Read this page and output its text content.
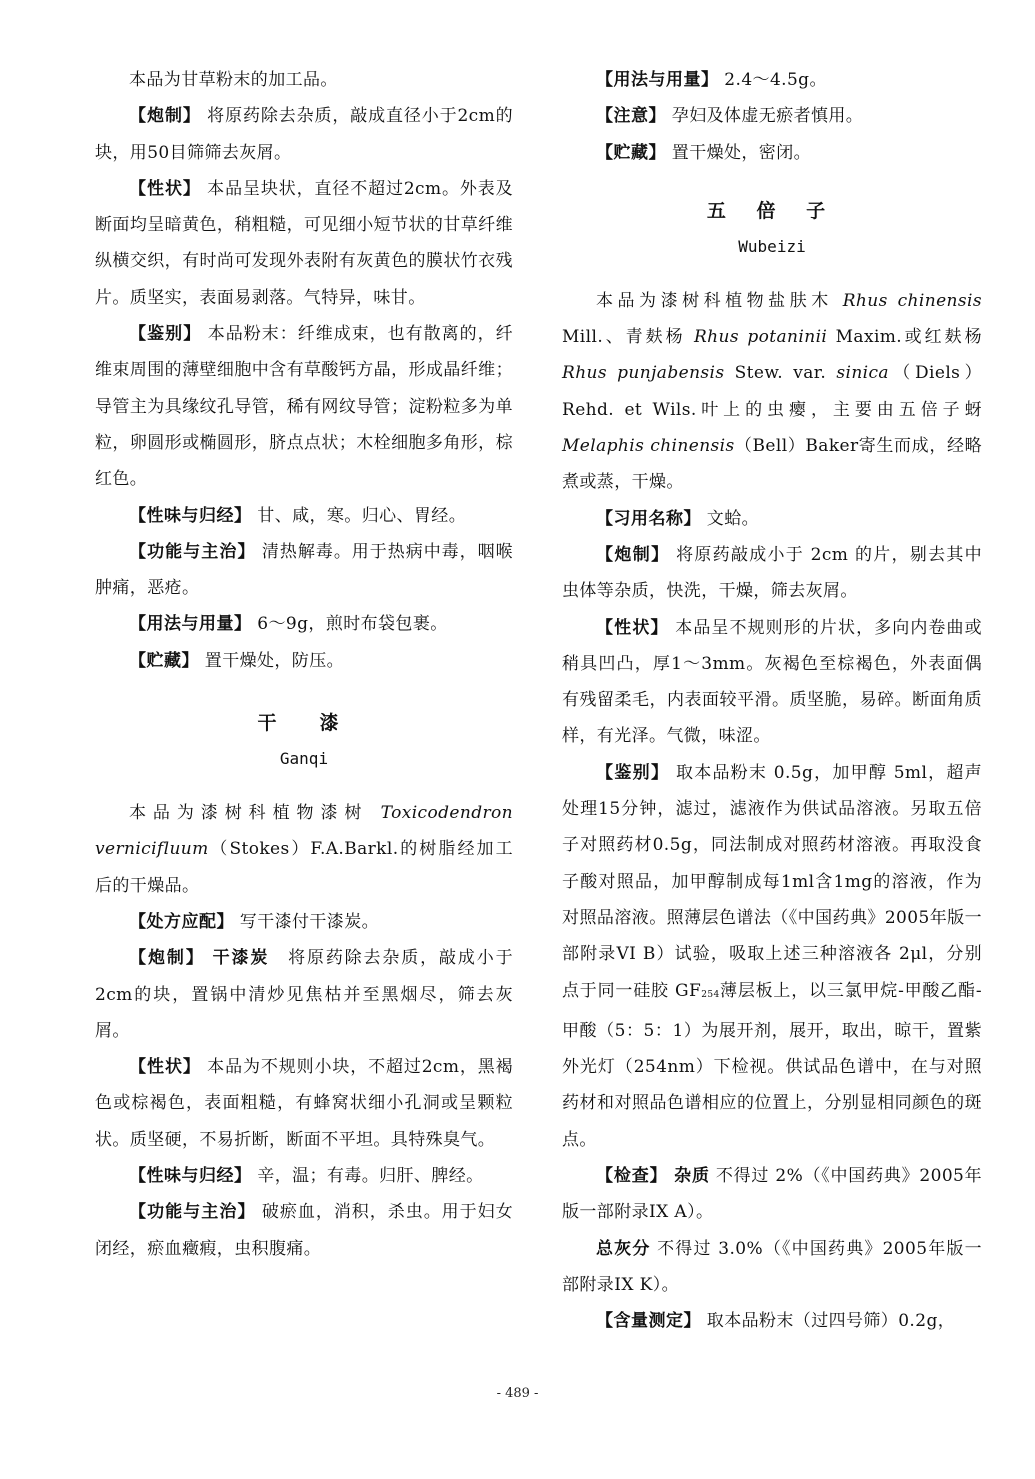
本品为甘草粉末的加工品。

【炮制】 将原药除去杂质，敲成直径小于2cm的块，用50目筛筛去灰屑。

【性状】 本品呈块状，直径不超过2cm。外表及断面均呈暗黄色，稍粗糙，可见细小短节状的甘草纤维纵横交织，有时尚可发现外表附有灰黄色的膜状竹衣残片。质坚实，表面易剥落。气特异，味甘。

【鉴别】 本品粉末：纤维成束，也有散离的，纤维束周围的薄壁细胞中含有草酸钙方晶，形成晶纤维；导管主为具缘纹孔导管，稀有网纹导管；淀粉粒多为单粒，卵圆形或椭圆形，脐点点状；木栓细胞多角形，棕红色。

【性味与归经】 甘、咸，寒。归心、胃经。

【功能与主治】 清热解毒。用于热病中毒，咽喉肿痛，恶疮。

【用法与用量】 6～9g，煎时布袋包裹。

【贮藏】 置干燥处，防压。

干　漆
Ganqi

本品为漆树科植物漆树 Toxicodendron vernicifluum（Stokes）F.A.Barkl.的树脂经加工后的干燥品。

【处方应配】 写干漆付干漆炭。

【炮制】 干漆炭　将原药除去杂质，敲成小于2cm的块，置锅中清炒见焦枯并至黑烟尽，筛去灰屑。

【性状】 本品为不规则小块，不超过2cm，黑褐色或棕褐色，表面粗糙，有蜂窝状细小孔洞或呈颗粒状。质坚硬，不易折断，断面不平坦。具特殊臭气。

【性味与归经】 辛，温；有毒。归肝、脾经。

【功能与主治】 破瘀血，消积，杀虫。用于妇女闭经，瘀血癥瘕，虫积腹痛。

【用法与用量】 2.4～4.5g。

【注意】 孕妇及体虚无瘀者慎用。

【贮藏】 置干燥处，密闭。

五 倍 子
Wubeizi

本品为漆树科植物盐肤木 Rhus chinensis Mill.、青麸杨 Rhus potaninii Maxim.或红麸杨 Rhus punjabensis Stew. var. sinica（Diels）Rehd. et Wils.叶上的虫瘿，主要由五倍子蚜 Melaphis chinensis（Bell）Baker寄生而成，经略煮或蒸，干燥。

【习用名称】 文蛤。

【炮制】 将原药敲成小于 2cm 的片，剔去其中虫体等杂质，快洗，干燥，筛去灰屑。

【性状】 本品呈不规则形的片状，多向内卷曲或稍具凹凸，厚1～3mm。灰褐色至棕褐色，外表面偶有残留柔毛，内表面较平滑。质坚脆，易碎。断面角质样，有光泽。气微，味涩。

【鉴别】 取本品粉末 0.5g，加甲醇 5ml，超声处理15分钟，滤过，滤液作为供试品溶液。另取五倍子对照药材0.5g，同法制成对照药材溶液。再取没食子酸对照品，加甲醇制成每1ml含1mg的溶液，作为对照品溶液。照薄层色谱法（《中国药典》2005年版一部附录VI B）试验，吸取上述三种溶液各 2μl，分别点于同一硅胶 $GF_{254}$薄层板上，以三氯甲烷-甲酸乙酯-甲酸（5：5：1）为展开剂，展开，取出，晾干，置紫外光灯（254nm）下检视。供试品色谱中，在与对照药材和对照品色谱相应的位置上，分别显相同颜色的斑点。

【检查】 杂质 不得过 2%（《中国药典》2005年版一部附录IX A）。

总灰分 不得过 3.0%（《中国药典》2005年版一部附录IX K）。

【含量测定】 取本品粉末（过四号筛）0.2g，

- 489 -
